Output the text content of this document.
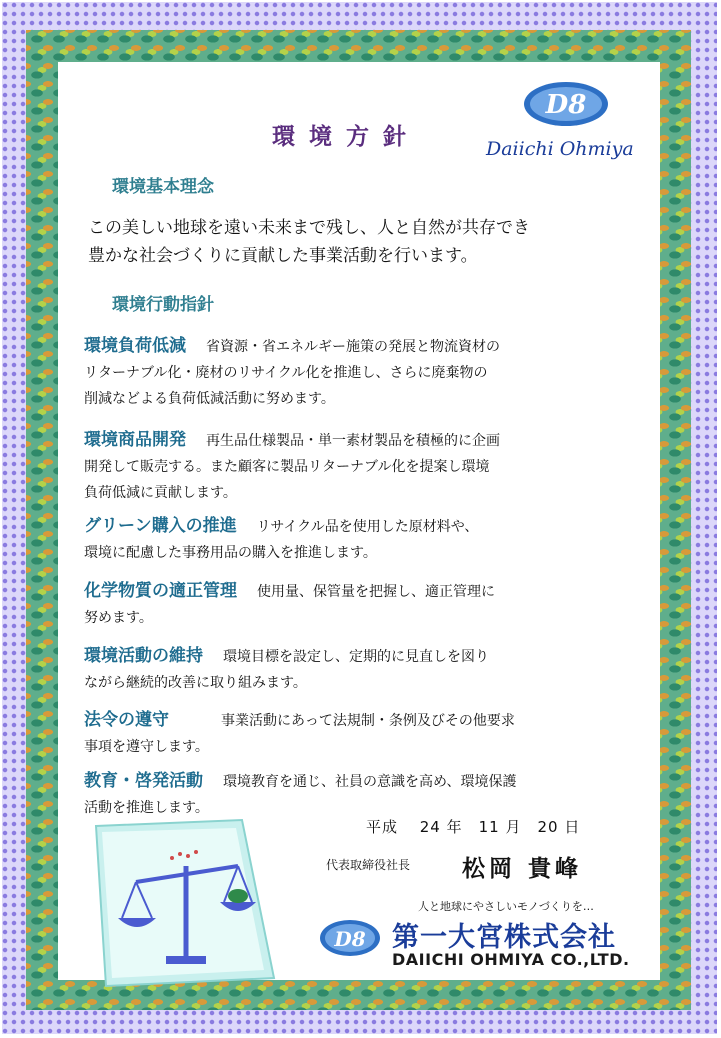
環境方針
D8
Daiichi Ohmiya
環境基本理念
この美しい地球を遠い未来まで残し、人と自然が共存でき
豊かな社会づくりに貢献した事業活動を行います。
環境行動指針
環境負荷低減 省資源・省エネルギー施策の発展と物流資材の
リターナブル化・廃材のリサイクル化を推進し、さらに廃棄物の
削減などよる負荷低減活動に努めます。
環境商品開発 再生品仕様製品・単一素材製品を積極的に企画
開発して販売する。また顧客に製品リターナブル化を提案し環境
負荷低減に貢献します。
グリーン購入の推進 リサイクル品を使用した原材料や、
環境に配慮した事務用品の購入を推進します。
化学物質の適正管理 使用量、保管量を把握し、適正管理に
努めます。
環境活動の維持 環境目標を設定し、定期的に見直しを図り
ながら継続的改善に取り組みます。
法令の遵守	事業活動にあって法規制・条例及びその他要求
事項を遵守します。
教育・啓発活動 環境教育を通じ、社員の意識を高め、環境保護
活動を推進します。
平成　 24 年　11 月　20 日
代表取締役社長 松岡 貴峰
人と地球にやさしいモノづくりを…
D8 第一大宮株式会社
DAIICHI OHMIYA CO.,LTD.
